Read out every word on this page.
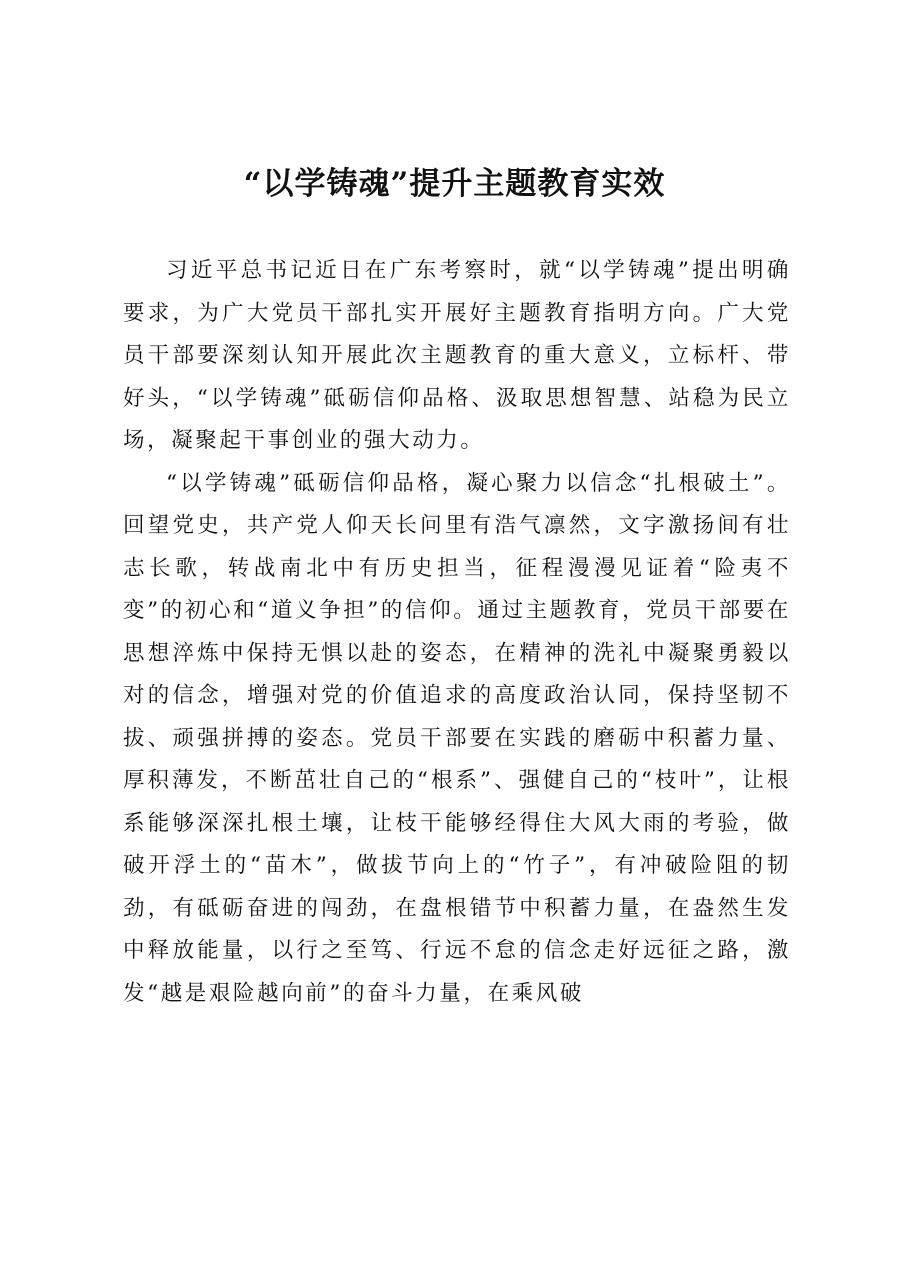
“以学铸魂”提升主题教育实效

习近平总书记近日在广东考察时，就“以学铸魂”提出明确要求，为广大党员干部扎实开展好主题教育指明方向。广大党员干部要深刻认知开展此次主题教育的重大意义，立标杆、带好头，“以学铸魂”砥砺信仰品格、汲取思想智慧、站稳为民立场，凝聚起干事创业的强大动力。

“以学铸魂”砥砺信仰品格，凝心聚力以信念“扎根破土”。回望党史，共产党人仰天长问里有浩气凛然，文字激扬间有壮志长歌，转战南北中有历史担当，征程漫漫见证着“险夷不变”的初心和“道义争担”的信仰。通过主题教育，党员干部要在思想淬炼中保持无惧以赴的姿态，在精神的洗礼中凝聚勇毅以对的信念，增强对党的价值追求的高度政治认同，保持坚韧不拔、顽强拼搏的姿态。党员干部要在实践的磨砺中积蓄力量、厚积薄发，不断茁壮自己的“根系”、强健自己的“枝叶”，让根系能够深深扎根土壤，让枝干能够经得住大风大雨的考验，做破开浮土的“苗木”，做拔节向上的“竹子”，有冲破险阻的韧劲，有砥砺奋进的闯劲，在盘根错节中积蓄力量，在盎然生发中释放能量，以行之至笃、行远不怠的信念走好远征之路，激发“越是艰险越向前”的奋斗力量，在乘风破
